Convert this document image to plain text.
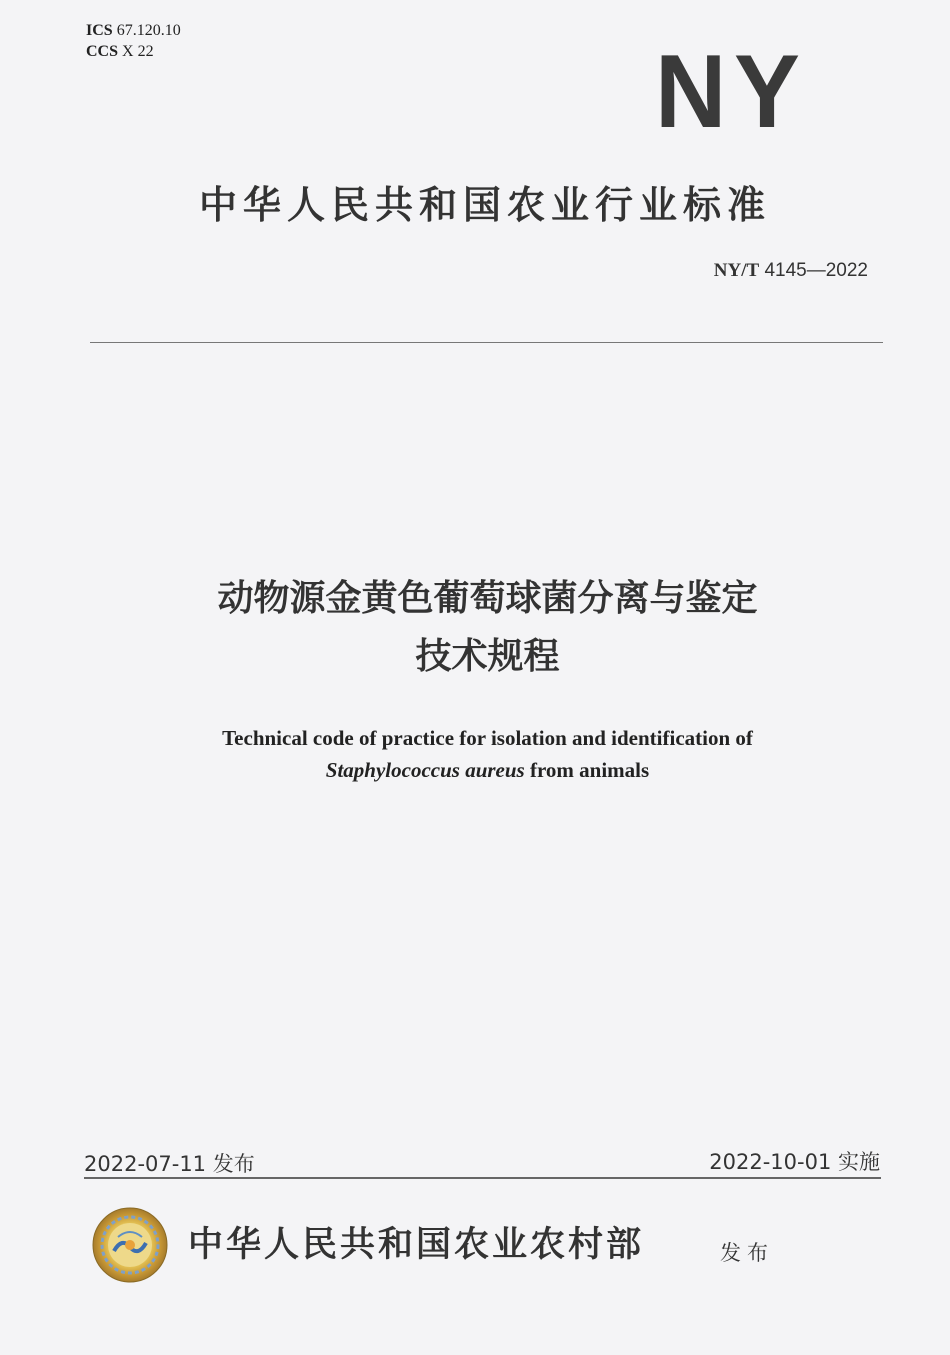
ICS 67.120.10
CCS X 22	NY
中华人民共和国农业行业标准
NY/T 4145—2022
动物源金黄色葡萄球菌分离与鉴定
技术规程
Technical code of practice for isolation and identification of
Staphylococcus aureus from animals
2022-07-11 发布	2022-10-01 实施
中华人民共和国农业农村部	发布
